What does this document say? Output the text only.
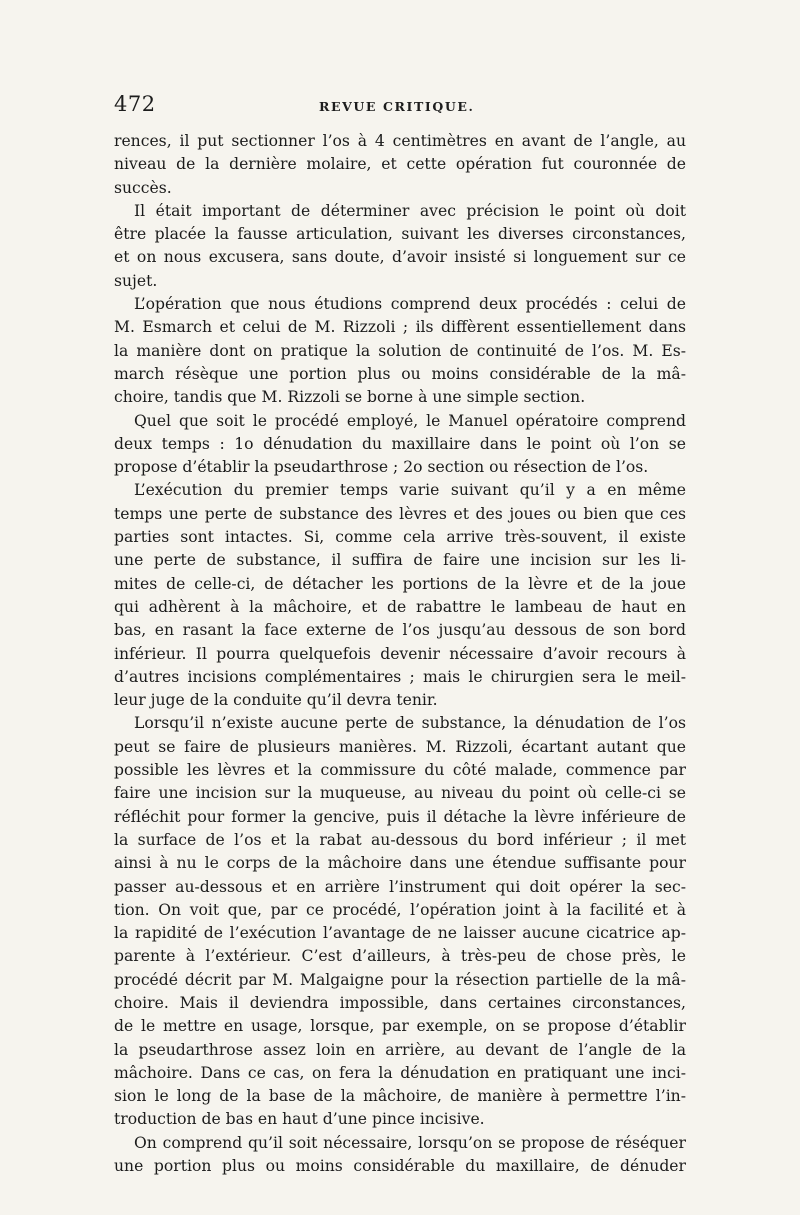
472	REVUE CRITIQUE.
rences, il put sectionner l’os à 4 centimètres en avant de l’angle, au
niveau de la dernière molaire, et cette opération fut couronnée de
succès.
Il était important de déterminer avec précision le point où doit
être placée la fausse articulation, suivant les diverses circonstances,
et on nous excusera, sans doute, d’avoir insisté si longuement sur ce
sujet.
L’opération que nous étudions comprend deux procédés : celui de
M. Esmarch et celui de M. Rizzoli ; ils diffèrent essentiellement dans
la manière dont on pratique la solution de continuité de l’os. M. Es-
march résèque une portion plus ou moins considérable de la mâ-
choire, tandis que M. Rizzoli se borne à une simple section.
Quel que soit le procédé employé, le Manuel opératoire comprend
deux temps : 1o dénudation du maxillaire dans le point où l’on se
propose d’établir la pseudarthrose ; 2o section ou résection de l’os.
L’exécution du premier temps varie suivant qu’il y a en même
temps une perte de substance des lèvres et des joues ou bien que ces
parties sont intactes. Si, comme cela arrive très-souvent, il existe
une perte de substance, il suffira de faire une incision sur les li-
mites de celle-ci, de détacher les portions de la lèvre et de la joue
qui adhèrent à la mâchoire, et de rabattre le lambeau de haut en
bas, en rasant la face externe de l’os jusqu’au dessous de son bord
inférieur. Il pourra quelquefois devenir nécessaire d’avoir recours à
d’autres incisions complémentaires ; mais le chirurgien sera le meil-
leur juge de la conduite qu’il devra tenir.
Lorsqu’il n’existe aucune perte de substance, la dénudation de l’os
peut se faire de plusieurs manières. M. Rizzoli, écartant autant que
possible les lèvres et la commissure du côté malade, commence par
faire une incision sur la muqueuse, au niveau du point où celle-ci se
réfléchit pour former la gencive, puis il détache la lèvre inférieure de
la surface de l’os et la rabat au-dessous du bord inférieur ; il met
ainsi à nu le corps de la mâchoire dans une étendue suffisante pour
passer au-dessous et en arrière l’instrument qui doit opérer la sec-
tion. On voit que, par ce procédé, l’opération joint à la facilité et à
la rapidité de l’exécution l’avantage de ne laisser aucune cicatrice ap-
parente à l’extérieur. C’est d’ailleurs, à très-peu de chose près, le
procédé décrit par M. Malgaigne pour la résection partielle de la mâ-
choire. Mais il deviendra impossible, dans certaines circonstances,
de le mettre en usage, lorsque, par exemple, on se propose d’établir
la pseudarthrose assez loin en arrière, au devant de l’angle de la
mâchoire. Dans ce cas, on fera la dénudation en pratiquant une inci-
sion le long de la base de la mâchoire, de manière à permettre l’in-
troduction de bas en haut d’une pince incisive.
On comprend qu’il soit nécessaire, lorsqu’on se propose de réséquer
une portion plus ou moins considérable du maxillaire, de dénuder
